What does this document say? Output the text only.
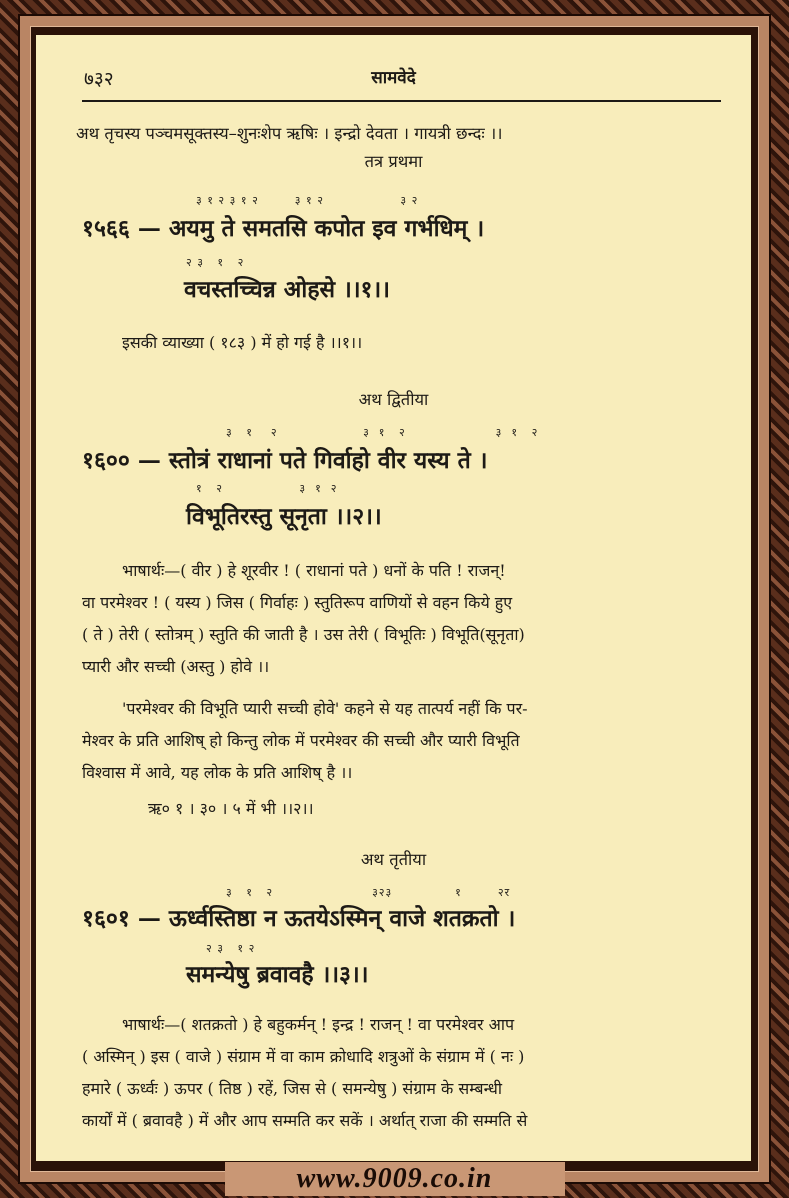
७३२	सामवेदे
अथ तृचस्य पञ्चमसूक्तस्य–शुनःशेप ऋषिः । इन्द्रो देवता । गायत्री छन्दः ।।
तत्र प्रथमा
३ १ २ ३ १ २        ३ १ २                 ३ २
१५६६ — अयमु ते समतसि कपोत इव गर्भधिम् ।
२ ३   १   २
वचस्तच्चिन्न ओहसे ।।१।।
इसकी व्याख्या ( १८३ ) में हो गई है ।।१।।
अथ द्वितीया
३   १    २                   ३  १   २                    ३  १   २
१६०० — स्तोत्रं राधानां पते गिर्वाहो वीर यस्य ते ।
१   २                 ३  १  २
विभूतिरस्तु सूनृता ।।२।।
भाषार्थः—( वीर ) हे शूरवीर ! ( राधानां पते ) धनों के पति ! राजन्!
वा परमेश्वर ! ( यस्य ) जिस ( गिर्वाहः ) स्तुतिरूप वाणियों से वहन किये हुए
( ते ) तेरी ( स्तोत्रम् ) स्तुति की जाती है । उस तेरी ( विभूतिः ) विभूति(सूनृता)
प्यारी और सच्ची (अस्तु ) होवे ।।
'परमेश्वर की विभूति प्यारी सच्ची होवे' कहने से यह तात्पर्य नहीं कि पर-
मेश्वर के प्रति आशिष् हो किन्तु लोक में परमेश्वर की सच्ची और प्यारी विभूति
विश्वास में आवे, यह लोक के प्रति आशिष् है ।।
ऋ० १ । ३० । ५ में भी ।।२।।
अथ तृतीया
३   १   २                      ३२३              १        २र
१६०१ — ऊर्ध्वस्तिष्ठा न ऊतयेऽस्मिन् वाजे शतक्रतो ।
२ ३   १ २
समन्येषु ब्रवावहै ।।३।।
भाषार्थः—( शतक्रतो ) हे बहुकर्मन् ! इन्द्र ! राजन् ! वा परमेश्वर आप
( अस्मिन् ) इस ( वाजे ) संग्राम में वा काम क्रोधादि शत्रुओं के संग्राम में ( नः )
हमारे ( ऊर्ध्वः ) ऊपर ( तिष्ठ ) रहें, जिस से ( समन्येषु ) संग्राम के सम्बन्धी
कार्यों में ( ब्रवावहै ) में और आप सम्मति कर सकें । अर्थात् राजा की सम्मति से
www.9009.co.in
